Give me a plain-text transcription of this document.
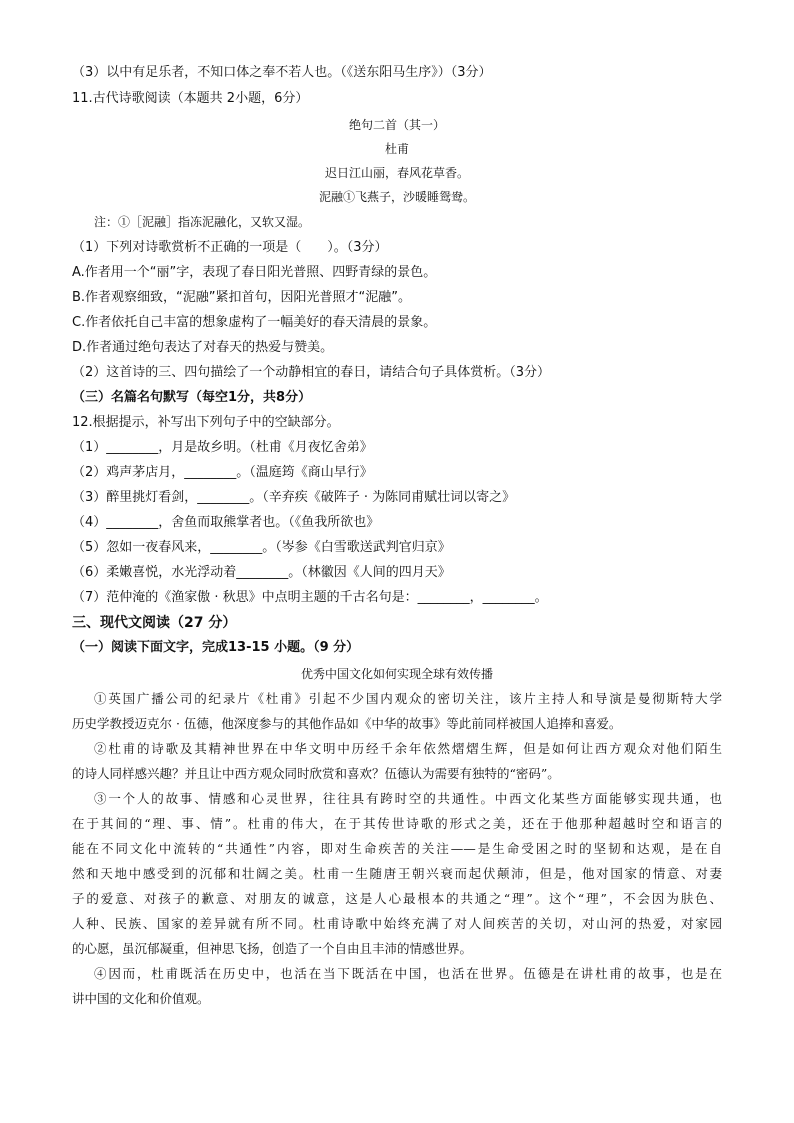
（3）以中有足乐者，不知口体之奉不若人也。（《送东阳马生序》）（3分）
11.古代诗歌阅读（本题共 2小题，6分）
绝句二首（其一）
杜甫
迟日江山丽，春风花草香。
泥融①飞燕子，沙暖睡鸳鸯。
注：①［泥融］指冻泥融化，又软又湿。
（1）下列对诗歌赏析不正确的一项是（　　）。（3分）
A.作者用一个“丽”字，表现了春日阳光普照、四野青绿的景色。
B.作者观察细致，“泥融”紧扣首句，因阳光普照才“泥融”。
C.作者依托自己丰富的想象虚构了一幅美好的春天清晨的景象。
D.作者通过绝句表达了对春天的热爱与赞美。
（2）这首诗的三、四句描绘了一个动静相宜的春日，请结合句子具体赏析。（3分）
（三）名篇名句默写（每空1分，共8分）
12.根据提示，补写出下列句子中的空缺部分。
（1）________，月是故乡明。（杜甫《月夜忆舍弟》
（2）鸡声茅店月，________。（温庭筠《商山早行》
（3）醉里挑灯看剑，________。（辛弃疾《破阵子 · 为陈同甫赋壮词以寄之》
（4）________，舍鱼而取熊掌者也。（《鱼我所欲也》
（5）忽如一夜春风来，________。（岑参《白雪歌送武判官归京》
（6）柔嫩喜悦，水光浮动着________。（林徽因《人间的四月天》
（7）范仲淹的《渔家傲 · 秋思》中点明主题的千古名句是：________，________。
三、现代文阅读（27 分）
（一）阅读下面文字，完成13-15 小题。（9 分）
优秀中国文化如何实现全球有效传播
①英国广播公司的纪录片《杜甫》引起不少国内观众的密切关注，该片主持人和导演是曼彻斯特大学
历史学教授迈克尔 · 伍德，他深度参与的其他作品如《中华的故事》等此前同样被国人追捧和喜爱。
②杜甫的诗歌及其精神世界在中华文明中历经千余年依然熠熠生辉，但是如何让西方观众对他们陌生
的诗人同样感兴趣？并且让中西方观众同时欣赏和喜欢？伍德认为需要有独特的“密码”。
③一个人的故事、情感和心灵世界，往往具有跨时空的共通性。中西文化某些方面能够实现共通，也
在于其间的“理、事、情”。杜甫的伟大，在于其传世诗歌的形式之美，还在于他那种超越时空和语言的
能在不同文化中流转的“共通性”内容，即对生命疾苦的关注——是生命受困之时的坚韧和达观，是在自
然和天地中感受到的沉郁和壮阔之美。杜甫一生随唐王朝兴衰而起伏颠沛，但是，他对国家的情意、对妻
子的爱意、对孩子的歉意、对朋友的诚意，这是人心最根本的共通之“理”。这个“理”，不会因为肤色、
人种、民族、国家的差异就有所不同。杜甫诗歌中始终充满了对人间疾苦的关切，对山河的热爱，对家园
的心愿，虽沉郁凝重，但神思飞扬，创造了一个自由且丰沛的情感世界。
④因而，杜甫既活在历史中，也活在当下既活在中国，也活在世界。伍德是在讲杜甫的故事，也是在
讲中国的文化和价值观。
